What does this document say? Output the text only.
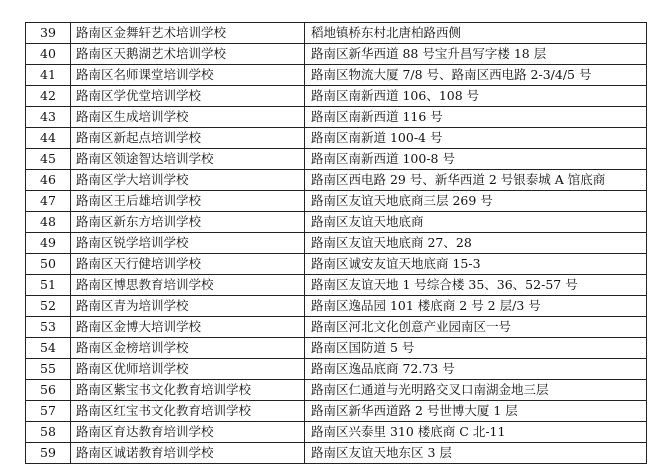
39	路南区金舞轩艺术培训学校	稻地镇桥东村北唐柏路西侧
40	路南区天鹅湖艺术培训学校	路南区新华西道 88 号宝升昌写字楼 18 层
41	路南区名师课堂培训学校	路南区物流大厦 7/8 号、路南区西电路 2-3/4/5 号
42	路南区学优堂培训学校	路南区南新西道 106、108 号
43	路南区生成培训学校	路南区南新西道 116 号
44	路南区新起点培训学校	路南区南新道 100-4 号
45	路南区领途智达培训学校	路南区南新西道 100-8 号
46	路南区学大培训学校	路南区西电路 29 号、新华西道 2 号银泰城 A 馆底商
47	路南区王后雄培训学校	路南区友谊天地底商三层 269 号
48	路南区新东方培训学校	路南区友谊天地底商
49	路南区锐学培训学校	路南区友谊天地底商 27、28
50	路南区天行健培训学校	路南区诚安友谊天地底商 15-3
51	路南区博思教育培训学校	路南区友谊天地 1 号综合楼 35、36、52-57 号
52	路南区青为培训学校	路南区逸品园 101 楼底商 2 号 2 层/3 号
53	路南区金博大培训学校	路南区河北文化创意产业园南区一号
54	路南区金榜培训学校	路南区国防道 5 号
55	路南区优师培训学校	路南区逸品底商 72.73 号
56	路南区紫宝书文化教育培训学校	路南区仁通道与光明路交叉口南湖金地三层
57	路南区红宝书文化教育培训学校	路南区新华西道路 2 号世博大厦 1 层
58	路南区育达教育培训学校	路南区兴泰里 310 楼底商 C 北-11
59	路南区诚诺教育培训学校	路南区友谊天地东区 3 层
